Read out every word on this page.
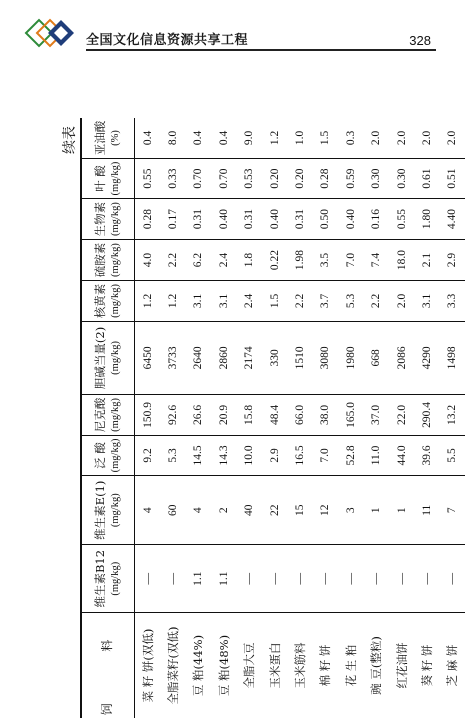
全国文化信息资源共享工程	328
续表
饲 料	维生素B12 (mg/kg)	维生素E(1) (mg/kg)	泛 酸 (mg/kg)	尼克酸 (mg/kg)	胆碱当量(2) (mg/kg)	核黄素 (mg/kg)	硫胺素 (mg/kg)	生物素 (mg/kg)	叶 酸 (mg/kg)	亚油酸 (%)

菜 籽 饼(双低)	—	4	9.2	150.9	6450	1.2	4.0	0.28	0.55	0.4
全脂菜籽(双低)	—	60	5.3	92.6	3733	1.2	2.2	0.17	0.33	8.0
豆 粕(44%)	1.1	4	14.5	26.6	2640	3.1	6.2	0.31	0.70	0.4
豆 粕(48%)	1.1	2	14.3	20.9	2860	3.1	2.4	0.40	0.70	0.4
全脂大豆	—	40	10.0	15.8	2174	2.4	1.8	0.31	0.53	9.0
玉米蛋白	—	22	2.9	48.4	330	1.5	0.22	0.40	0.20	1.2
玉米筋料	—	15	16.5	66.0	1510	2.2	1.98	0.31	0.20	1.0
棉 籽 饼	—	12	7.0	38.0	3080	3.7	3.5	0.50	0.28	1.5
花 生 粕	—	3	52.8	165.0	1980	5.3	7.0	0.40	0.59	0.3
豌 豆(整粒)	—	1	11.0	37.0	668	2.2	7.4	0.16	0.30	2.0
红花油饼	—	1	44.0	22.0	2086	2.0	18.0	0.55	0.30	2.0
葵 籽 饼	—	11	39.6	290.4	4290	3.1	2.1	1.80	0.61	2.0
芝 麻 饼	—	7	5.5	13.2	1498	3.3	2.9	4.40	0.51	2.0
